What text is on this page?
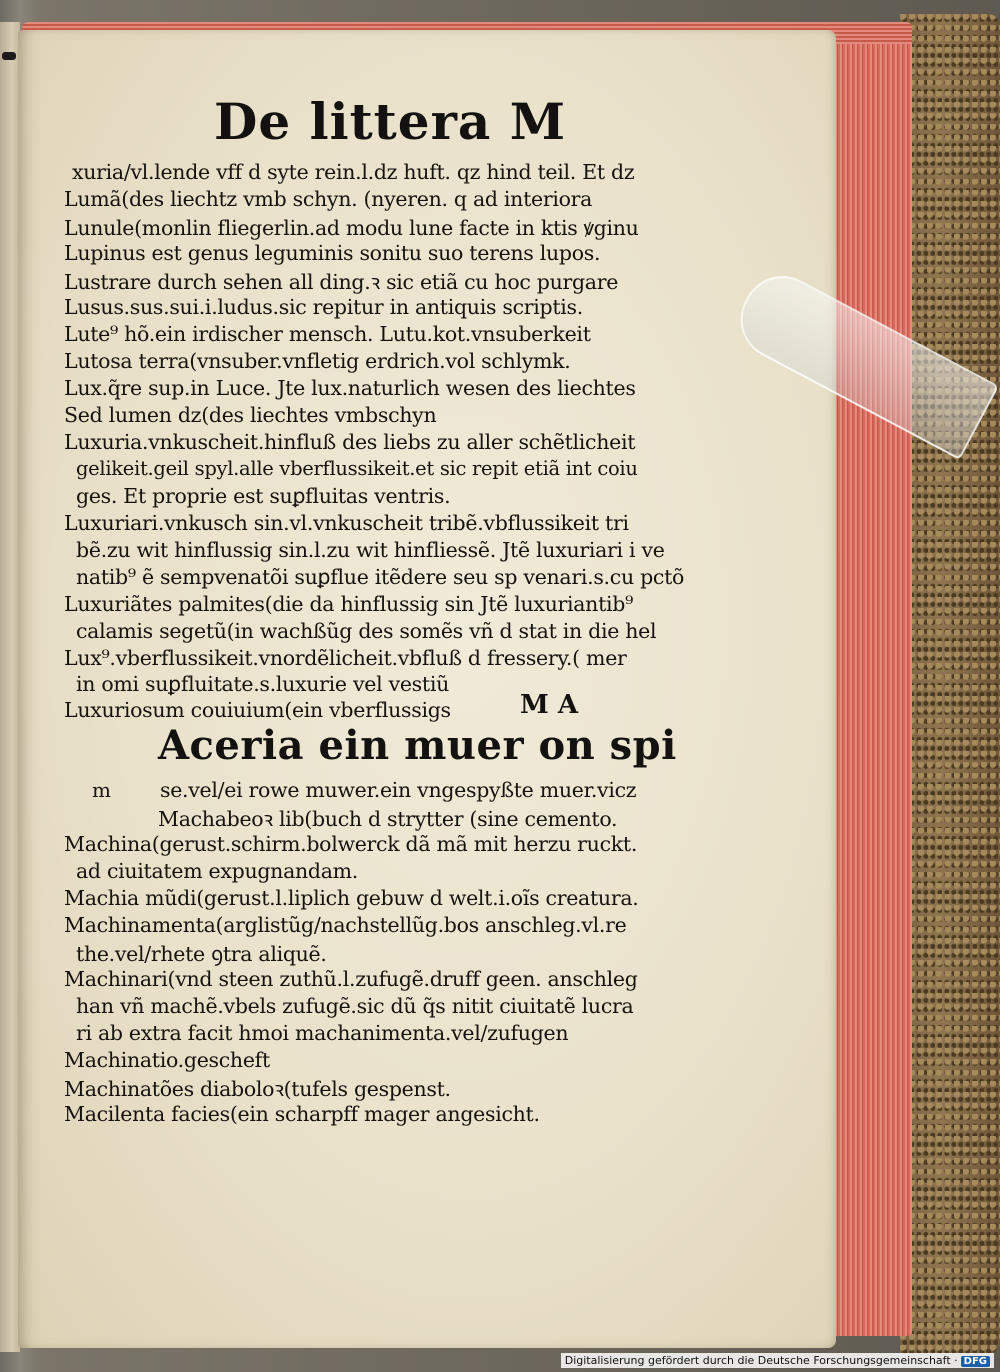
De littera M

xuria/vl.lende vff d syte rein.l.dz huft. qz hind teil. Et dz

Lumã(des liechtz vmb schyn. (nyeren. q ad interiora

Lunule(monlin fliegerlin.ad modu lune facte in ktis ꝟginu

Lupinus est genus leguminis sonitu suo terens lupos.

Lustrare durch sehen all ding.ꝛ sic etiã cu hoc purgare

Lusus.sus.sui.i.ludus.sic repitur in antiquis scriptis.

Lute⁹ hõ.ein irdischer mensch. Lutu.kot.vnsuberkeit

Lutosa terra(vnsuber.vnfletig erdrich.vol schlymk.

Lux.q̃re sup.in Luce. Jte lux.naturlich wesen des liechtes

Sed lumen dz(des liechtes vmbschyn

Luxuria.vnkuscheit.hinfluß des liebs zu aller schẽtlicheit

gelikeit.geil spyl.alle vberflussikeit.et sic repit etiã int coiu

ges. Et proprie est suꝑfluitas ventris.

Luxuriari.vnkusch sin.vl.vnkuscheit tribẽ.vbflussikeit tri

bẽ.zu wit hinflussig sin.l.zu wit hinfliessẽ. Jtẽ luxuriari i ve

natib⁹ ẽ sempvenatõi suꝑflue itẽdere seu sp venari.s.cu pctõ

Luxuriãtes palmites(die da hinflussig sin Jtẽ luxuriantib⁹

calamis segetũ(in wachßũg des somẽs vñ d stat in die hel

Lux⁹.vberflussikeit.vnordẽlicheit.vbfluß d fressery.( mer

in omi suꝑfluitate.s.luxurie vel vestiũ

Luxuriosum couiuium(ein vberflussigs	M A
Aceria ein muer on spi
m se.vel/ei rowe muwer.ein vngespyßte muer.vicz

Machabeoꝛ lib(buch d strytter (sine cemento.

Machina(gerust.schirm.bolwerck dã mã mit herzu ruckt.

ad ciuitatem expugnandam.

Machia mũdi(gerust.l.liplich gebuw d welt.i.oĩs creatura.

Machinamenta(arglistũg/nachstellũg.bos anschleg.vl.re

the.vel/rhete ꝯtra aliquẽ.

Machinari(vnd steen zuthũ.l.zufugẽ.druff geen. anschleg

han vñ machẽ.vbels zufugẽ.sic dũ q̃s nitit ciuitatẽ lucra

ri ab extra facit hmoi machanimenta.vel/zufugen

Machinatio.gescheft

Machinatões diaboloꝛ(tufels gespenst.

Macilenta facies(ein scharpff mager angesicht.

Digitalisierung gefördert durch die Deutsche Forschungsgemeinschaft · DFG
